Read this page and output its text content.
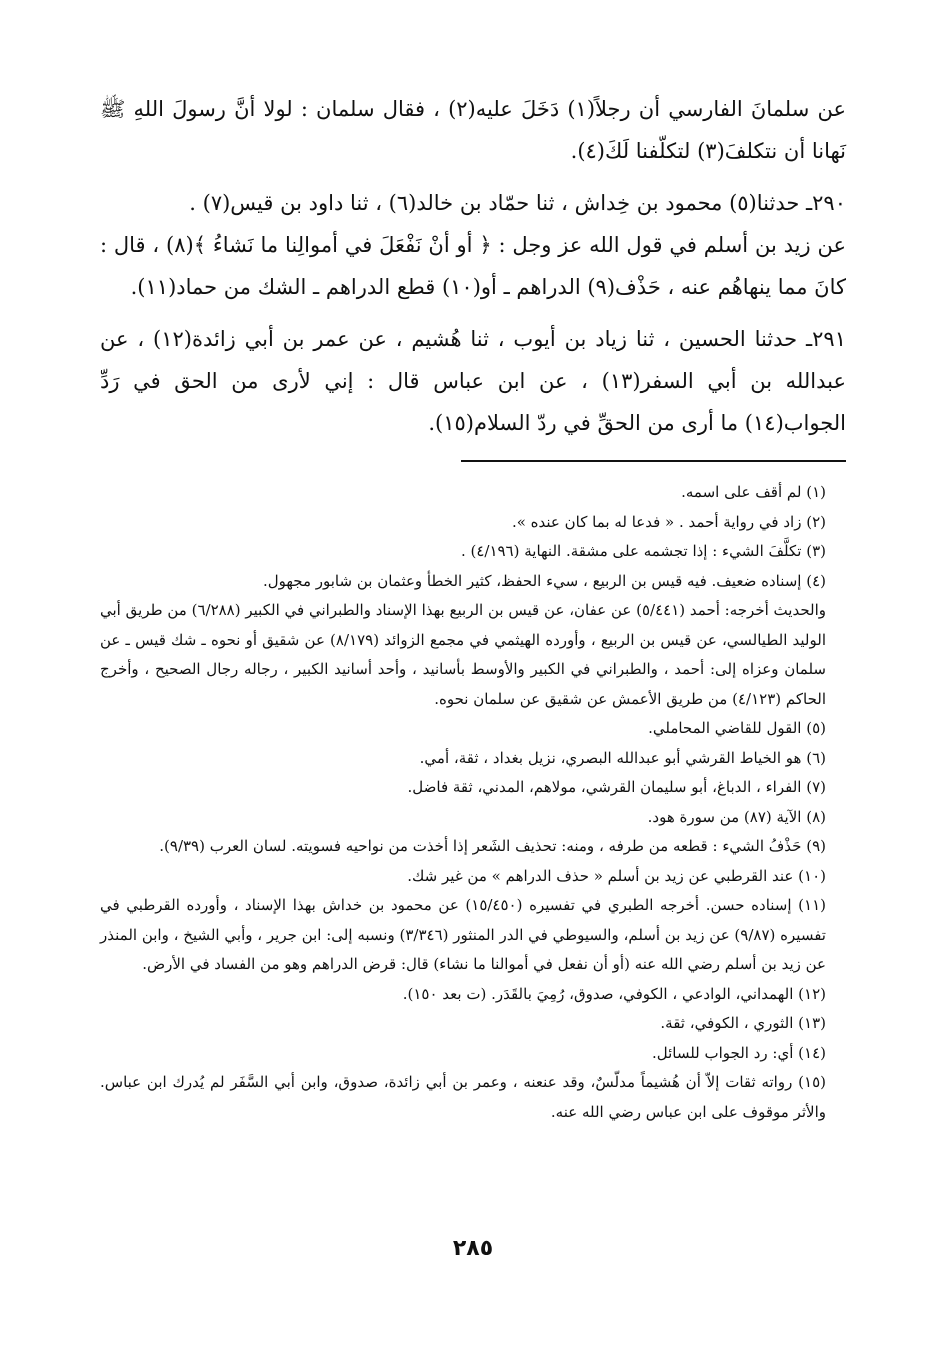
عن سلمانَ الفارسي أن رجلاً(١) دَخَلَ عليه(٢) ، فقال سلمان : لولا أنَّ رسولَ اللهِ ﷺ نَهانا أن نتكلفَ(٣) لتكلّفنا لَكَ(٤).

٢٩٠ـ حدثنا(٥) محمود بن خِداش ، ثنا حمّاد بن خالد(٦) ، ثنا داود بن قيس(٧) .

عن زيد بن أسلم في قول الله عز وجل : ﴿ أو أنْ نَفْعَلَ في أموالِنا ما نَشاءُ ﴾(٨) ، قال : كانَ مما ينهاهُم عنه ، حَذْف(٩) الدراهم ـ أو(١٠) قطع الدراهم ـ الشك من حماد(١١).

٢٩١ـ حدثنا الحسين ، ثنا زياد بن أيوب ، ثنا هُشيم ، عن عمر بن أبي زائدة(١٢) ، عن عبدالله بن أبي السفر(١٣) ، عن ابن عباس قال : إني لأرى من الحق في رَدِّ الجواب(١٤) ما أرى من الحقِّ في ردّ السلام(١٥).

(١) لم أقف على اسمه.

(٢) زاد في رواية أحمد . « فدعا له بما كان عنده ».

(٣) تكلَّفَ الشيء : إذا تجشمه على مشقة. النهاية (٤/١٩٦) .

(٤) إسناده ضعيف. فيه قيس بن الربيع ، سيء الحفظ، كثير الخطأ وعثمان بن شابور مجهول.

والحديث أخرجه: أحمد (٥/٤٤١) عن عفان، عن قيس بن الربيع بهذا الإسناد والطبراني في الكبير (٦/٢٨٨) من طريق أبي الوليد الطيالسي، عن قيس بن الربيع ، وأورده الهيثمي في مجمع الزوائد (٨/١٧٩) عن شقيق أو نحوه ـ شك قيس ـ عن سلمان وعزاه إلى: أحمد ، والطبراني في الكبير والأوسط بأسانيد ، وأحد أسانيد الكبير ، رجاله رجال الصحيح ، وأخرج الحاكم (٤/١٢٣) من طريق الأعمش عن شقيق عن سلمان نحوه.

(٥) القول للقاضي المحاملي.

(٦) هو الخياط القرشي أبو عبدالله البصري، نزيل بغداد ، ثقة، أمي.

(٧) الفراء ، الدباغ، أبو سليمان القرشي، مولاهم، المدني، ثقة فاضل.

(٨) الآية (٨٧) من سورة هود.

(٩) حَذْفُ الشيء : قطعه من طرفه ، ومنه: تحذيف الشَعر إذا أخذت من نواحيه فسويته. لسان العرب (٩/٣٩).

(١٠) عند القرطبي عن زيد بن أسلم « حذف الدراهم » من غير شك.

(١١) إسناده حسن. أخرجه الطبري في تفسيره (١٥/٤٥٠) عن محمود بن خداش بهذا الإسناد ، وأورده القرطبي في تفسيره (٩/٨٧) عن زيد بن أسلم، والسيوطي في الدر المنثور (٣/٣٤٦) ونسبه إلى: ابن جرير ، وأبي الشيخ ، وابن المنذر عن زيد بن أسلم رضي الله عنه (أو أن نفعل في أموالنا ما نشاء) قال: قرض الدراهم وهو من الفساد في الأرض.

(١٢) الهمداني، الوادعي ، الكوفي، صدوق، رُمِيَ بالقَدَر. (ت بعد ١٥٠).

(١٣) الثوري ، الكوفي، ثقة.

(١٤) أي: رد الجواب للسائل.

(١٥) رواته ثقات إلاّ أن هُشيماً مدلّسٌ، وقد عنعنه ، وعمر بن أبي زائدة، صدوق، وابن أبي السَّفَر لم يُدرك ابن عباس. والأثر موقوف على ابن عباس رضي الله عنه.

٢٨٥
